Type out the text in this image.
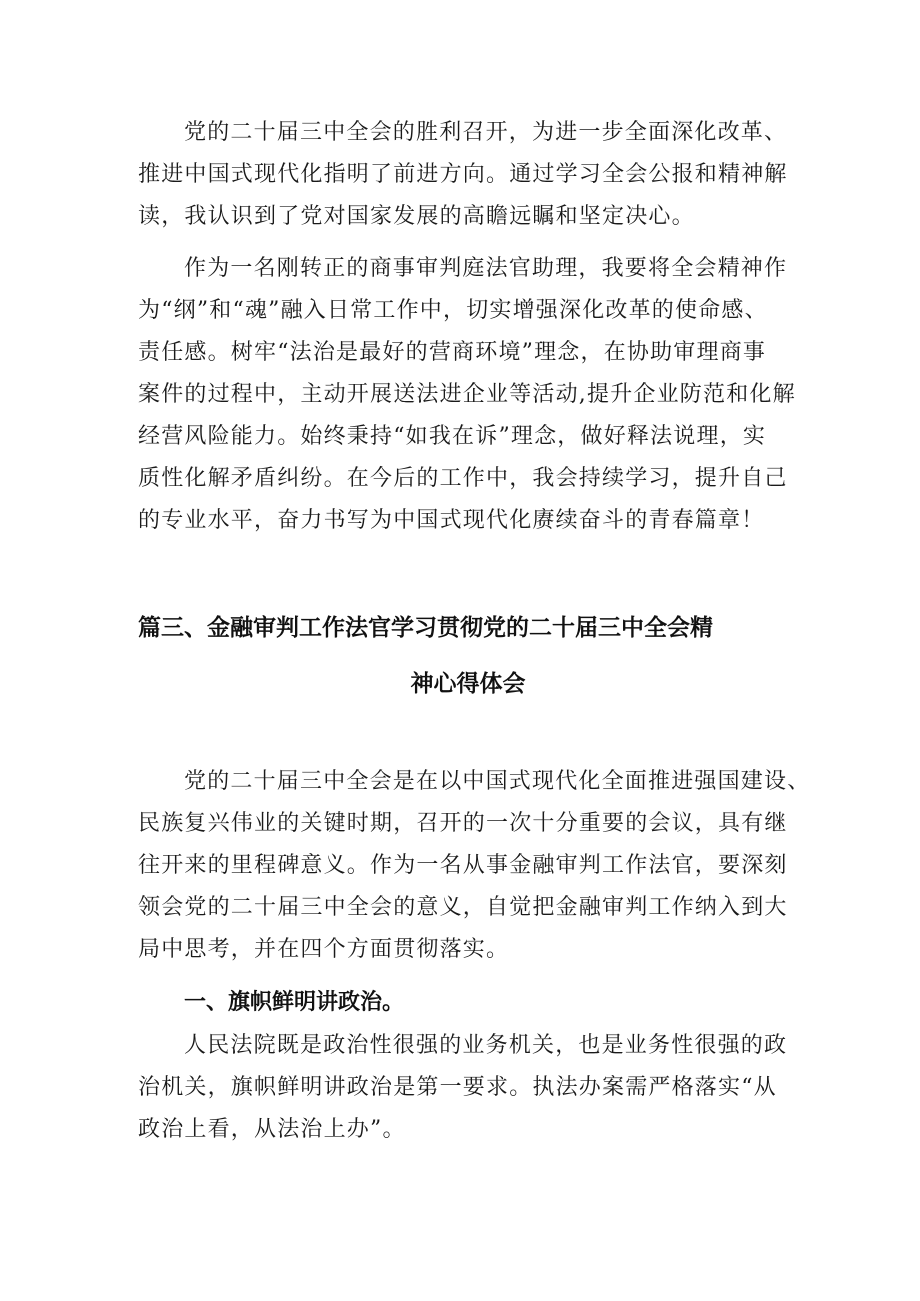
党的二十届三中全会的胜利召开，为进一步全面深化改革、
推进中国式现代化指明了前进方向。通过学习全会公报和精神解
读，我认识到了党对国家发展的高瞻远瞩和坚定决心。
作为一名刚转正的商事审判庭法官助理，我要将全会精神作
为“纲”和“魂”融入日常工作中，切实增强深化改革的使命感、
责任感。树牢“法治是最好的营商环境”理念，在协助审理商事
案件的过程中，主动开展送法进企业等活动,提升企业防范和化解
经营风险能力。始终秉持“如我在诉”理念，做好释法说理，实
质性化解矛盾纠纷。在今后的工作中，我会持续学习，提升自己
的专业水平，奋力书写为中国式现代化赓续奋斗的青春篇章！
篇三、金融审判工作法官学习贯彻党的二十届三中全会精
神心得体会
党的二十届三中全会是在以中国式现代化全面推进强国建设、
民族复兴伟业的关键时期，召开的一次十分重要的会议，具有继
往开来的里程碑意义。作为一名从事金融审判工作法官，要深刻
领会党的二十届三中全会的意义，自觉把金融审判工作纳入到大
局中思考，并在四个方面贯彻落实。
一、旗帜鲜明讲政治。
人民法院既是政治性很强的业务机关，也是业务性很强的政
治机关，旗帜鲜明讲政治是第一要求。执法办案需严格落实“从
政治上看，从法治上办”。
